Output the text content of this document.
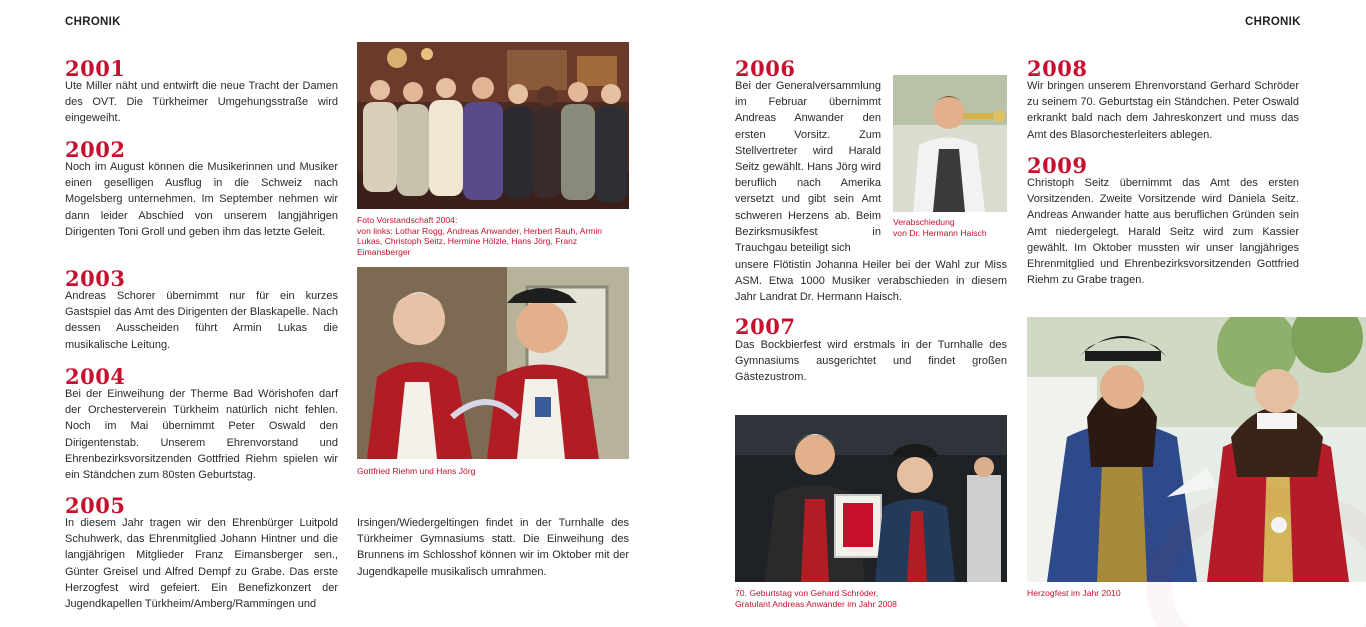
CHRONIK	CHRONIK
2001
Ute Miller näht und entwirft die neue Tracht der Damen des OVT. Die Türkheimer Umgehungsstraße wird eingeweiht.
2002
Noch im August können die Musikerinnen und Musiker einen geselligen Ausflug in die Schweiz nach Mogelsberg unternehmen. Im September nehmen wir dann leider Abschied von unserem langjährigen Dirigenten Toni Groll und geben ihm das letzte Geleit.
2003
Andreas Schorer übernimmt nur für ein kurzes Gastspiel das Amt des Dirigenten der Blaskapelle. Nach dessen Ausscheiden führt Armin Lukas die musikalische Leitung.
2004
Bei der Einweihung der Therme Bad Wörishofen darf der Orchesterverein Türkheim natürlich nicht fehlen. Noch im Mai übernimmt Peter Oswald den Dirigentenstab. Unserem Ehrenvorstand und Ehrenbezirksvorsitzenden Gottfried Riehm spielen wir ein Ständchen zum 80sten Geburtstag.
2005
In diesem Jahr tragen wir den Ehrenbürger Luitpold Schuhwerk, das Ehrenmitglied Johann Hintner und die langjährigen Mitglieder Franz Eimansberger sen., Günter Greisel und Alfred Dempf zu Grabe. Das erste Herzogfest wird gefeiert. Ein Benefizkonzert der Jugendkapellen Türkheim/Amberg/Rammingen und
Foto Vorstandschaft 2004:
von links: Lothar Rogg, Andreas Anwander, Herbert Rauh, Armin Lukas, Christoph Seitz, Hermine Hölzle, Hans Jörg, Franz Eimansberger
Gottfried Riehm und Hans Jörg
Irsingen/Wiedergeltingen findet in der Turnhalle des Türkheimer Gymnasiums statt. Die Einweihung des Brunnens im Schlosshof können wir im Oktober mit der Jugendkapelle musikalisch umrahmen.
2006
Bei der Generalversammlung im Februar übernimmt Andreas Anwander den ersten Vorsitz. Zum Stellvertreter wird Harald Seitz gewählt. Hans Jörg wird beruflich nach Amerika versetzt und gibt sein Amt schweren Herzens ab. Beim Bezirksmusikfest in Trauchgau beteiligt sich
Verabschiedung
von Dr. Hermann Haisch
unsere Flötistin Johanna Heiler bei der Wahl zur Miss ASM. Etwa 1000 Musiker verabschieden in diesem Jahr Landrat Dr. Hermann Haisch.
2007
Das Bockbierfest wird erstmals in der Turnhalle des Gymnasiums ausgerichtet und findet großen Gästezustrom.
70. Geburtstag von Gehard Schröder,
Gratulant Andreas Anwander im Jahr 2008
2008
Wir bringen unserem Ehrenvorstand Gerhard Schröder zu seinem 70. Geburtstag ein Ständchen. Peter Oswald erkrankt bald nach dem Jahreskonzert und muss das Amt des Blasorchesterleiters ablegen.
2009
Christoph Seitz übernimmt das Amt des ersten Vorsitzenden. Zweite Vorsitzende wird Daniela Seitz. Andreas Anwander hatte aus beruflichen Gründen sein Amt niedergelegt. Harald Seitz wird zum Kassier gewählt. Im Oktober mussten wir unser langjähriges Ehrenmitglied und Ehrenbezirksvorsitzenden Gottfried Riehm zu Grabe tragen.
Herzogfest im Jahr 2010
